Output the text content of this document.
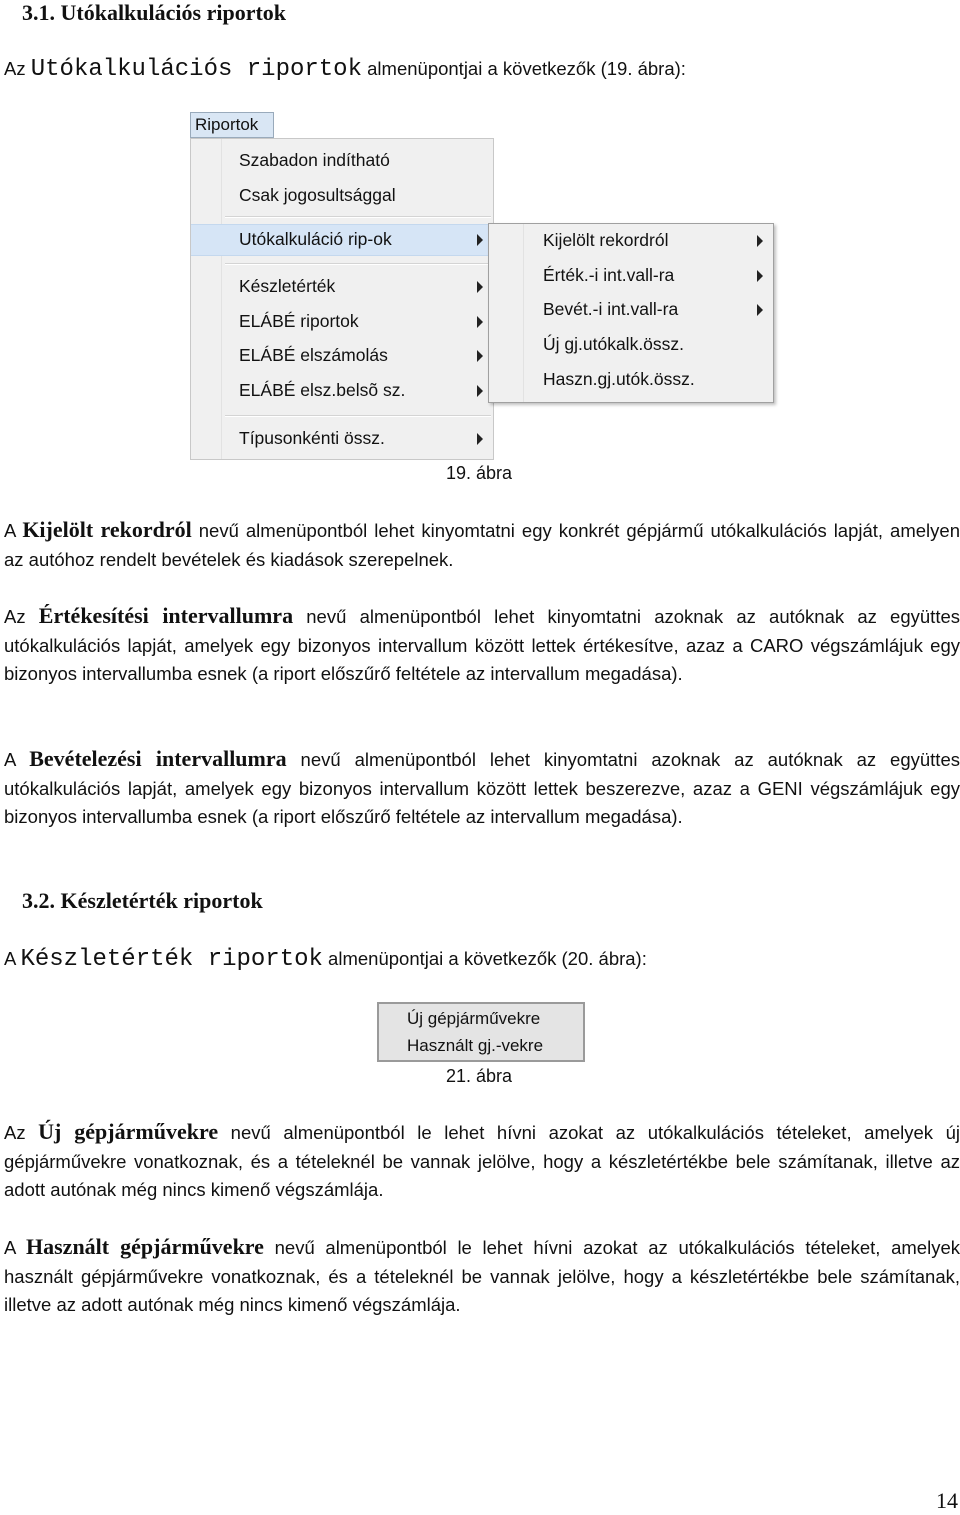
3.1. Utókalkulációs riportok
Az Utókalkulációs riportok almenüpontjai a következők (19. ábra):
Riportok
Szabadon indítható
Csak jogosultsággal
Utókalkuláció rip-ok
Készletérték
ELÁBÉ riportok
ELÁBÉ elszámolás
ELÁBÉ elsz.belsõ sz.
Típusonkénti össz.
Kijelölt rekordról
Érték.-i int.vall-ra
Bevét.-i int.vall-ra
Új gj.utókalk.össz.
Haszn.gj.utók.össz.
19. ábra
A Kijelölt rekordról nevű almenüpontból lehet kinyomtatni egy konkrét gépjármű utókalkulációs lapját, amelyen az autóhoz rendelt bevételek és kiadások szerepelnek.
Az Értékesítési intervallumra nevű almenüpontból lehet kinyomtatni azoknak az autóknak az együttes utókalkulációs lapját, amelyek egy bizonyos intervallum között lettek értékesítve, azaz a CARO végszámlájuk egy bizonyos intervallumba esnek (a riport előszűrő feltétele az intervallum megadása).
A Bevételezési intervallumra nevű almenüpontból lehet kinyomtatni azoknak az autóknak az együttes utókalkulációs lapját, amelyek egy bizonyos intervallum között lettek beszerezve, azaz a GENI végszámlájuk egy bizonyos intervallumba esnek (a riport előszűrő feltétele az intervallum megadása).
3.2. Készletérték riportok
A Készletérték riportok almenüpontjai a következők (20. ábra):
Új gépjárművekre
Használt gj.-vekre
21. ábra
Az Új gépjárművekre nevű almenüpontból le lehet hívni azokat az utókalkulációs tételeket, amelyek új gépjárművekre vonatkoznak, és a tételeknél be vannak jelölve, hogy a készletértékbe bele számítanak, illetve az adott autónak még nincs kimenő végszámlája.
A Használt gépjárművekre nevű almenüpontból le lehet hívni azokat az utókalkulációs tételeket, amelyek használt gépjárművekre vonatkoznak, és a tételeknél be vannak jelölve, hogy a készletértékbe bele számítanak, illetve az adott autónak még nincs kimenő végszámlája.
14
